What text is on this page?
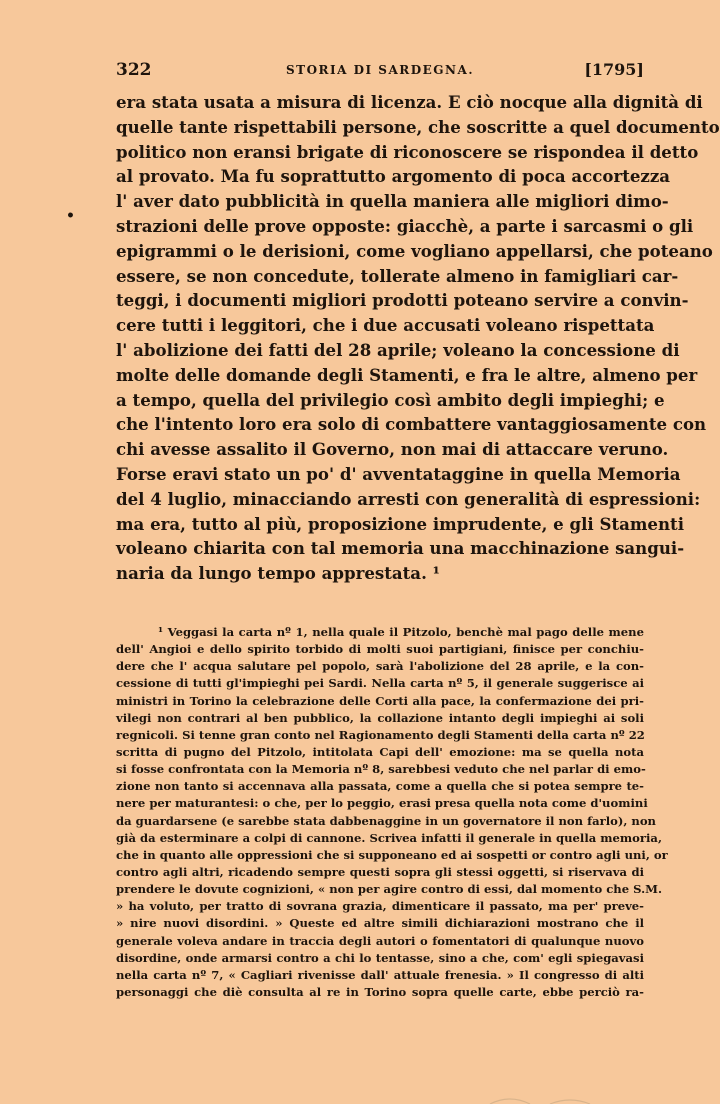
322	STORIA DI SARDEGNA.	[1795]
•
era stata usata a misura di licenza. E ciò nocque alla dignità di
quelle tante rispettabili persone, che soscritte a quel documento
politico non eransi brigate di riconoscere se rispondea il detto
al provato. Ma fu soprattutto argomento di poca accortezza
l' aver dato pubblicità in quella maniera alle migliori dimo-
strazioni delle prove opposte: giacchè, a parte i sarcasmi o gli
epigrammi o le derisioni, come vogliano appellarsi, che poteano
essere, se non concedute, tollerate almeno in famigliari car-
teggi, i documenti migliori prodotti poteano servire a convin-
cere tutti i leggitori, che i due accusati voleano rispettata
l' abolizione dei fatti del 28 aprile; voleano la concessione di
molte delle domande degli Stamenti, e fra le altre, almeno per
a tempo, quella del privilegio così ambito degli impieghi; e
che l'intento loro era solo di combattere vantaggiosamente con
chi avesse assalito il Governo, non mai di attaccare veruno.
Forse eravi stato un po' d' avventataggine in quella Memoria
del 4 luglio, minacciando arresti con generalità di espressioni:
ma era, tutto al più, proposizione imprudente, e gli Stamenti
voleano chiarita con tal memoria una macchinazione sangui-
naria da lungo tempo apprestata. ¹
¹ Veggasi la carta nº 1, nella quale il Pitzolo, benchè mal pago delle mene
dell' Angioi e dello spirito torbido di molti suoi partigiani, finisce per conchiu-
dere che l' acqua salutare pel popolo, sarà l'abolizione del 28 aprile, e la con-
cessione di tutti gl'impieghi pei Sardi. Nella carta nº 5, il generale suggerisce ai
ministri in Torino la celebrazione delle Corti alla pace, la confermazione dei pri-
vilegi non contrari al ben pubblico, la collazione intanto degli impieghi ai soli
regnicoli. Si tenne gran conto nel Ragionamento degli Stamenti della carta nº 22
scritta di pugno del Pitzolo, intitolata Capi dell' emozione: ma se quella nota
si fosse confrontata con la Memoria nº 8, sarebbesi veduto che nel parlar di emo-
zione non tanto si accennava alla passata, come a quella che si potea sempre te-
nere per maturantesi: o che, per lo peggio, erasi presa quella nota come d'uomini
da guardarsene (e sarebbe stata dabbenaggine in un governatore il non farlo), non
già da esterminare a colpi di cannone. Scrivea infatti il generale in quella memoria,
che in quanto alle oppressioni che si supponeano ed ai sospetti or contro agli uni, or
contro agli altri, ricadendo sempre questi sopra gli stessi oggetti, si riservava di
prendere le dovute cognizioni, « non per agire contro di essi, dal momento che S.M.
» ha voluto, per tratto di sovrana grazia, dimenticare il passato, ma per' preve-
» nire nuovi disordini. » Queste ed altre simili dichiarazioni mostrano che il
generale voleva andare in traccia degli autori o fomentatori di qualunque nuovo
disordine, onde armarsi contro a chi lo tentasse, sino a che, com' egli spiegavasi
nella carta nº 7, « Cagliari rivenisse dall' attuale frenesia. » Il congresso di alti
personaggi che diè consulta al re in Torino sopra quelle carte, ebbe perciò ra-
